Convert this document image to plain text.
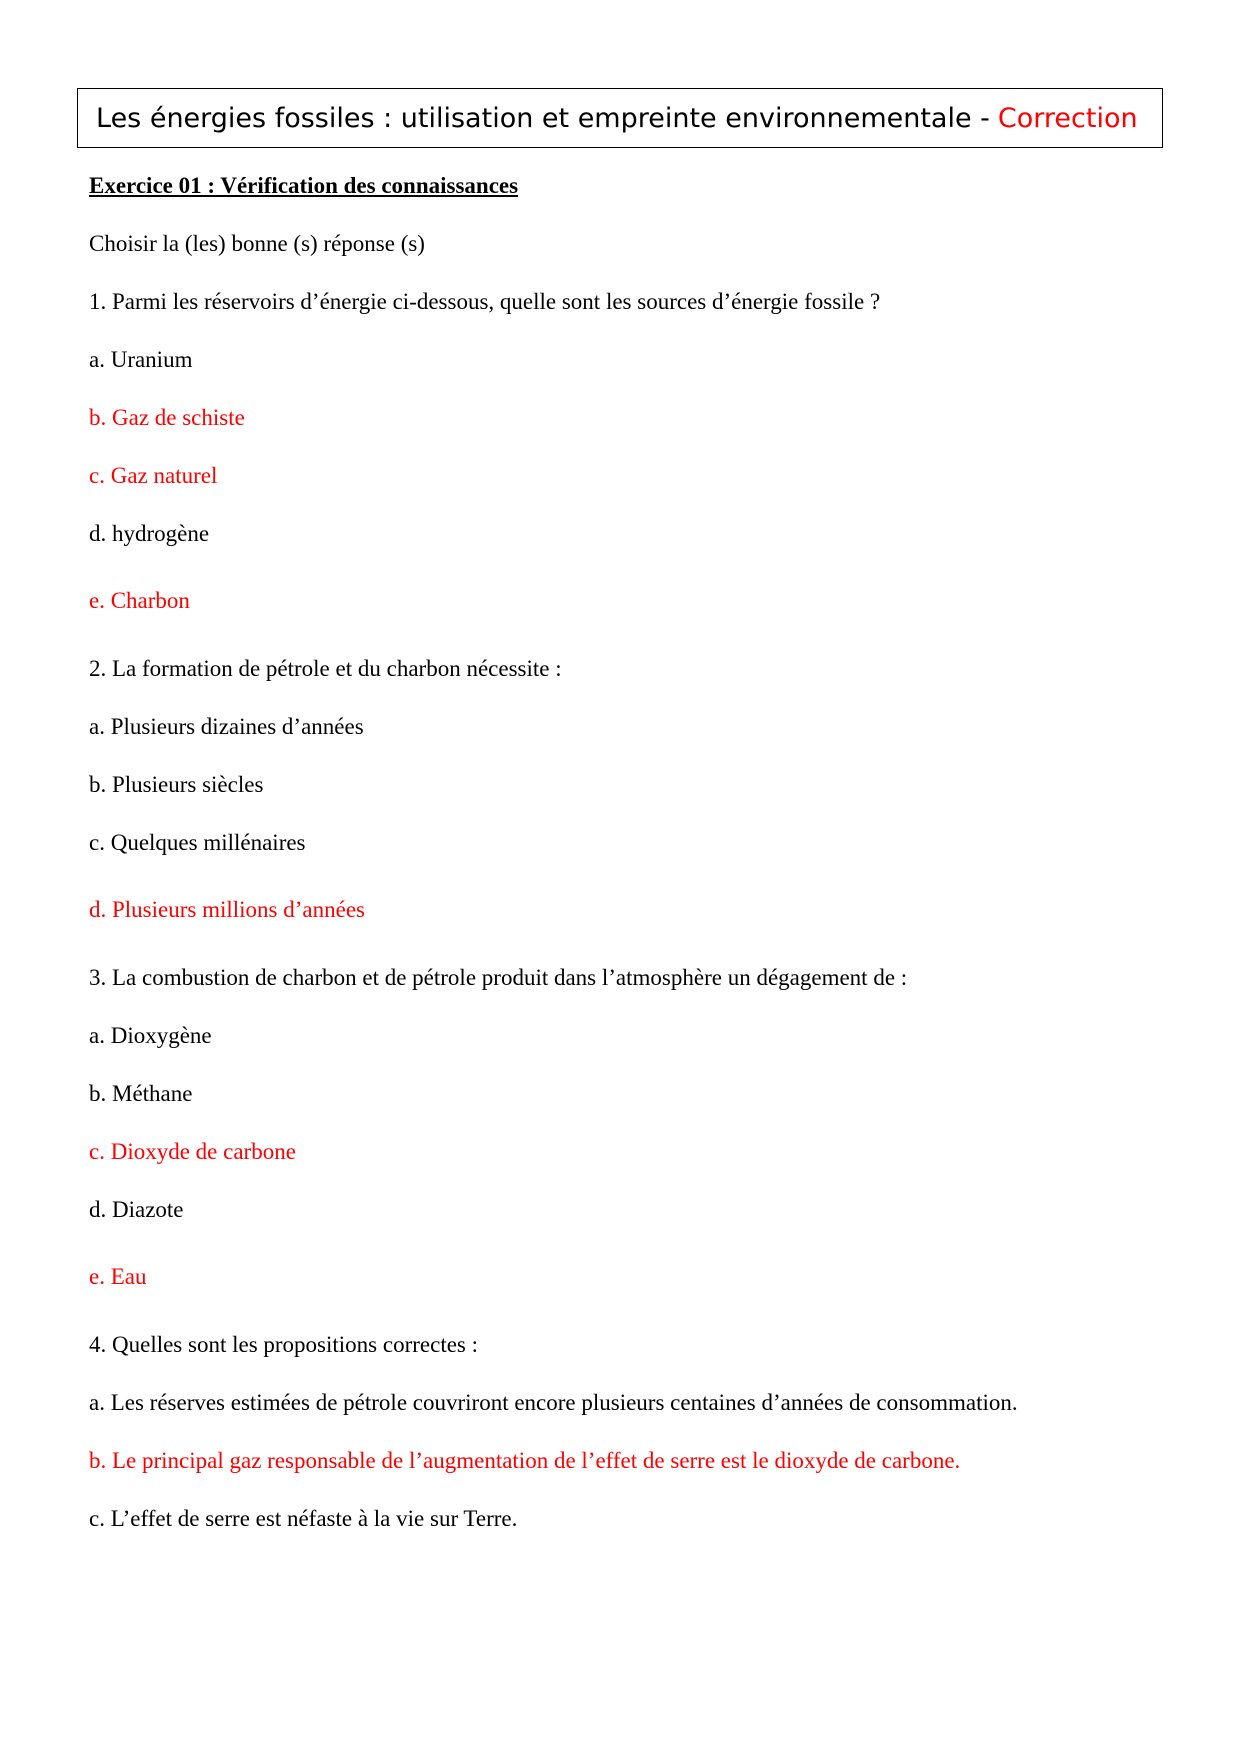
Les énergies fossiles : utilisation et empreinte environnementale - Correction
Exercice 01 : Vérification des connaissances
Choisir la (les) bonne (s) réponse (s)
1. Parmi les réservoirs d’énergie ci-dessous, quelle sont les sources d’énergie fossile ?
a. Uranium
b. Gaz de schiste
c. Gaz naturel
d. hydrogène
e. Charbon
2. La formation de pétrole et du charbon nécessite :
a. Plusieurs dizaines d’années
b. Plusieurs siècles
c. Quelques millénaires
d. Plusieurs millions d’années
3. La combustion de charbon et de pétrole produit dans l’atmosphère un dégagement de :
a. Dioxygène
b. Méthane
c. Dioxyde de carbone
d. Diazote
e. Eau
4. Quelles sont les propositions correctes :
a. Les réserves estimées de pétrole couvriront encore plusieurs centaines d’années de consommation.
b. Le principal gaz responsable de l’augmentation de l’effet de serre est le dioxyde de carbone.
c. L’effet de serre est néfaste à la vie sur Terre.
